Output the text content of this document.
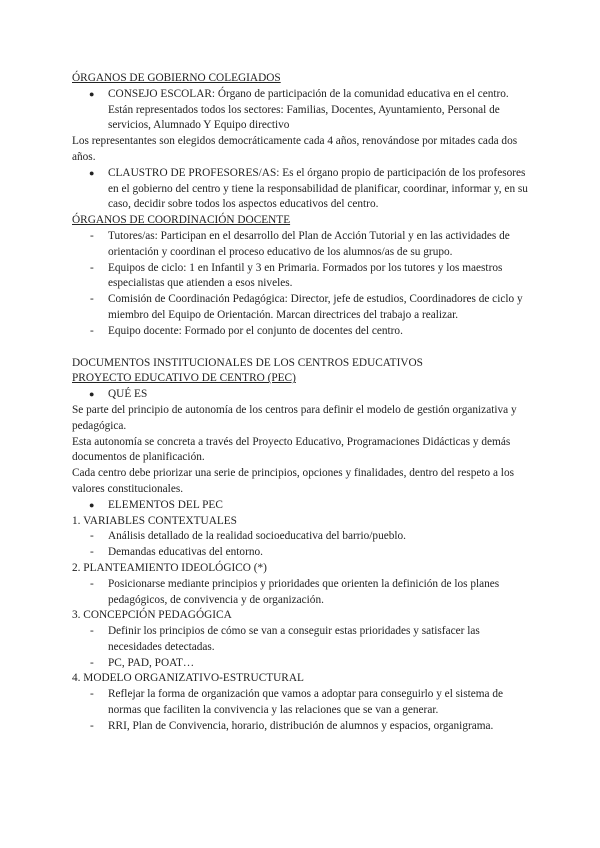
ÓRGANOS DE GOBIERNO COLEGIADOS
● CONSEJO ESCOLAR: Órgano de participación de la comunidad educativa en el centro. Están representados todos los sectores: Familias, Docentes, Ayuntamiento, Personal de servicios, Alumnado Y Equipo directivo
Los representantes son elegidos democráticamente cada 4 años, renovándose por mitades cada dos años.
● CLAUSTRO DE PROFESORES/AS: Es el órgano propio de participación de los profesores en el gobierno del centro y tiene la responsabilidad de planificar, coordinar, informar y, en su caso, decidir sobre todos los aspectos educativos del centro.
ÓRGANOS DE COORDINACIÓN DOCENTE
- Tutores/as: Participan en el desarrollo del Plan de Acción Tutorial y en las actividades de orientación y coordinan el proceso educativo de los alumnos/as de su grupo.
- Equipos de ciclo: 1 en Infantil y 3 en Primaria. Formados por los tutores y los maestros especialistas que atienden a esos niveles.
- Comisión de Coordinación Pedagógica: Director, jefe de estudios, Coordinadores de ciclo y miembro del Equipo de Orientación. Marcan directrices del trabajo a realizar.
- Equipo docente: Formado por el conjunto de docentes del centro.
DOCUMENTOS INSTITUCIONALES DE LOS CENTROS EDUCATIVOS
PROYECTO EDUCATIVO DE CENTRO (PEC)
● QUÉ ES
Se parte del principio de autonomía de los centros para definir el modelo de gestión organizativa y pedagógica.
Esta autonomía se concreta a través del Proyecto Educativo, Programaciones Didácticas y demás documentos de planificación.
Cada centro debe priorizar una serie de principios, opciones y finalidades, dentro del respeto a los valores constitucionales.
● ELEMENTOS DEL PEC
1. VARIABLES CONTEXTUALES
- Análisis detallado de la realidad socioeducativa del barrio/pueblo.
- Demandas educativas del entorno.
2. PLANTEAMIENTO IDEOLÓGICO (*)
- Posicionarse mediante principios y prioridades que orienten la definición de los planes pedagógicos, de convivencia y de organización.
3. CONCEPCIÓN PEDAGÓGICA
- Definir los principios de cómo se van a conseguir estas prioridades y satisfacer las necesidades detectadas.
- PC, PAD, POAT…
4. MODELO ORGANIZATIVO-ESTRUCTURAL
- Reflejar la forma de organización que vamos a adoptar para conseguirlo y el sistema de normas que faciliten la convivencia y las relaciones que se van a generar.
- RRI, Plan de Convivencia, horario, distribución de alumnos y espacios, organigrama.
